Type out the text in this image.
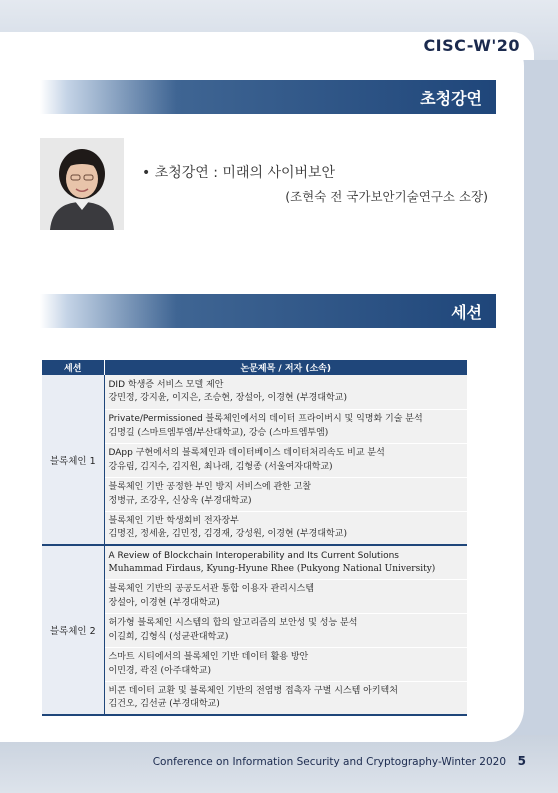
CISC-W'20
초청강연
• 초청강연 : 미래의 사이버보안
(조현숙 전 국가보안기술연구소 소장)
세션
세션	논문제목 / 저자 (소속)
블록체인 1	DID 학생증 서비스 모델 제안
강민정, 강지윤, 이지은, 조승현, 장설아, 이경현 (부경대학교)

	Private/Permissioned 블록체인에서의 데이터 프라이버시 및 익명화 기술 분석
김명길 (스마트엠투엠/부산대학교), 강승 (스마트엠투엠)

	DApp 구현에서의 블록체인과 데이터베이스 데이터처리속도 비교 분석
강유림, 김지수, 김지원, 최나래, 김형종 (서울여자대학교)

	블록체인 기반 공정한 부인 방지 서비스에 관한 고찰
정병규, 조강우, 신상욱 (부경대학교)

	블록체인 기반 학생회비 전자장부
김명진, 정세윤, 김민정, 김경재, 강성원, 이경현 (부경대학교)

블록체인 2	A Review of Blockchain Interoperability and Its Current Solutions
Muhammad Firdaus, Kyung-Hyune Rhee (Pukyong National University)

	블록체인 기반의 공공도서관 통합 이용자 관리시스템
장설아, 이경현 (부경대학교)

	허가형 블록체인 시스템의 합의 알고리즘의 보안성 및 성능 분석
이길희, 김형식 (성균관대학교)

	스마트 시티에서의 블록체인 기반 데이터 활용 방안
이민경, 곽진 (아주대학교)

	비콘 데이터 교환 및 블록체인 기반의 전염병 접촉자 구별 시스템 아키텍처
김건오, 김선균 (부경대학교)
Conference on Information Security and Cryptography-Winter 2020 5
